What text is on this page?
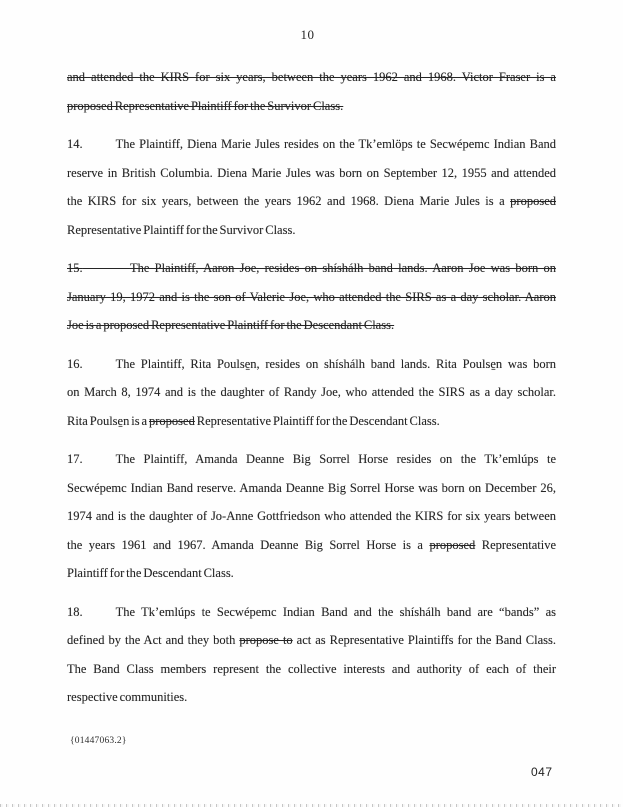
10
and attended the KIRS for six years, between the years 1962 and 1968. Victor Fraser is a
proposed Representative Plaintiff for the Survivor Class.
14.	The Plaintiff, Diena Marie Jules resides on the Tk’emlöps te Secwépemc Indian Band
reserve in British Columbia. Diena Marie Jules was born on September 12, 1955 and attended
the KIRS for six years, between the years 1962 and 1968. Diena Marie Jules is a proposed
Representative Plaintiff for the Survivor Class.
15.	The Plaintiff, Aaron Joe, resides on shíshálh band lands. Aaron Joe was born on
January 19, 1972 and is the son of Valerie Joe, who attended the SIRS as a day scholar. Aaron
Joe is a proposed Representative Plaintiff for the Descendant Class.
16.	The Plaintiff, Rita Poulse̱n, resides on shíshálh band lands. Rita Poulse̱n was born
on March 8, 1974 and is the daughter of Randy Joe, who attended the SIRS as a day scholar.
Rita Poulse̱n is a proposed Representative Plaintiff for the Descendant Class.
17.	The Plaintiff, Amanda Deanne Big Sorrel Horse resides on the Tk’emlúps te
Secwépemc Indian Band reserve. Amanda Deanne Big Sorrel Horse was born on December 26,
1974 and is the daughter of Jo-Anne Gottfriedson who attended the KIRS for six years between
the years 1961 and 1967. Amanda Deanne Big Sorrel Horse is a proposed Representative
Plaintiff for the Descendant Class.
18.	The Tk’emlúps te Secwépemc Indian Band and the shíshálh band are “bands” as
defined by the Act and they both propose to act as Representative Plaintiffs for the Band Class.
The Band Class members represent the collective interests and authority of each of their
respective communities.
{01447063.2}
047
